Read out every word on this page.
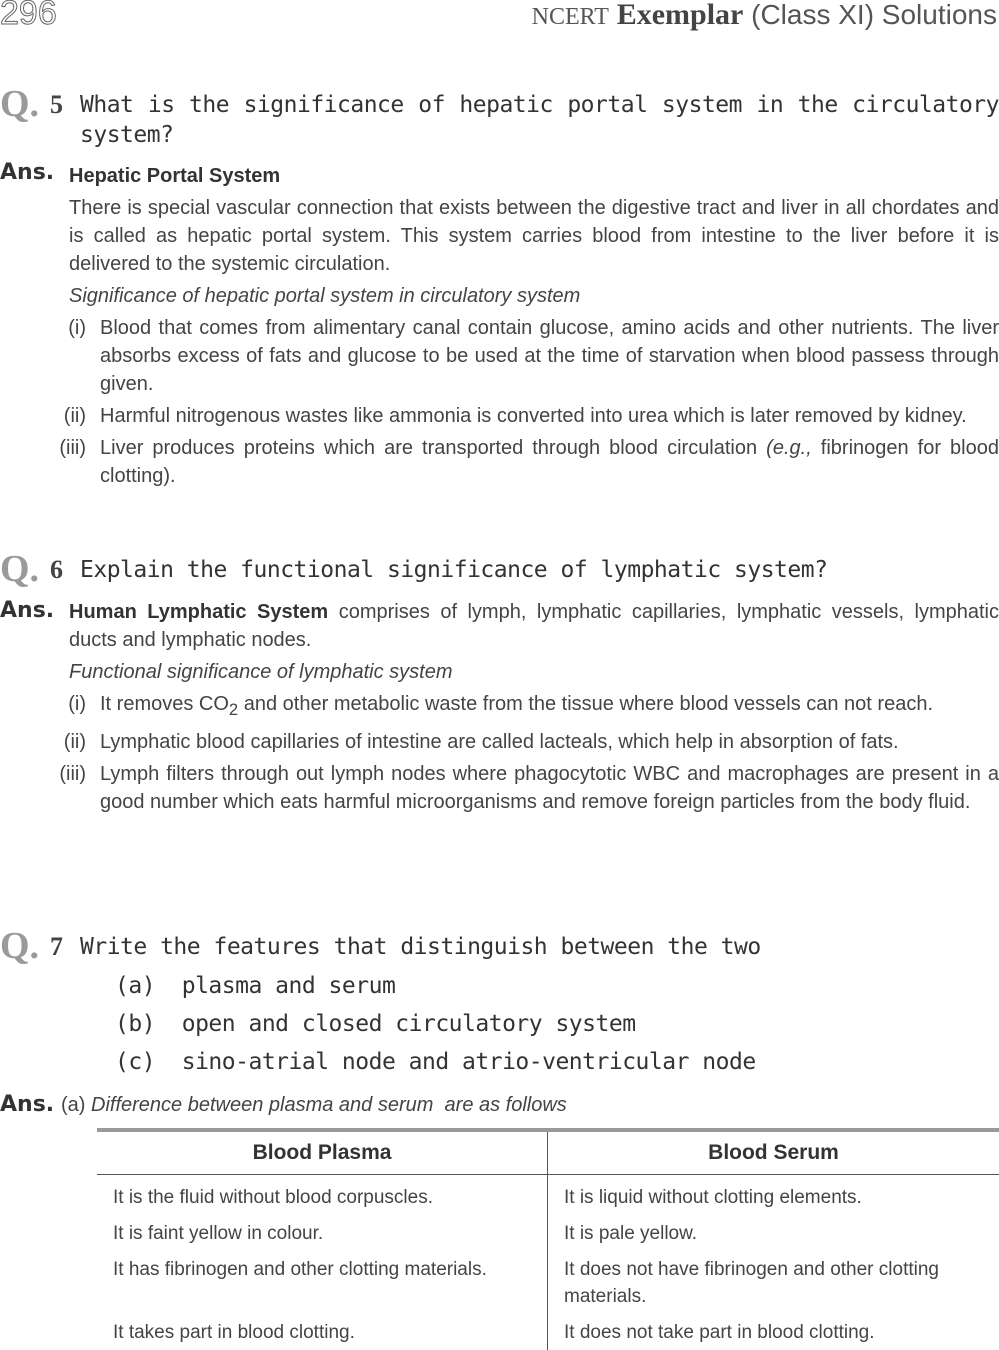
296	NCERT Exemplar (Class XI) Solutions
Q. 5 What is the significance of hepatic portal system in the circulatory system?
Ans. Hepatic Portal System
There is special vascular connection that exists between the digestive tract and liver in all chordates and is called as hepatic portal system. This system carries blood from intestine to the liver before it is delivered to the systemic circulation.
Significance of hepatic portal system in circulatory system
(i) Blood that comes from alimentary canal contain glucose, amino acids and other nutrients. The liver absorbs excess of fats and glucose to be used at the time of starvation when blood passess through given.
(ii) Harmful nitrogenous wastes like ammonia is converted into urea which is later removed by kidney.
(iii) Liver produces proteins which are transported through blood circulation (e.g., fibrinogen for blood clotting).
Q. 6 Explain the functional significance of lymphatic system?
Ans. Human Lymphatic System comprises of lymph, lymphatic capillaries, lymphatic vessels, lymphatic ducts and lymphatic nodes.
Functional significance of lymphatic system
(i) It removes $CO_2$ and other metabolic waste from the tissue where blood vessels can not reach.
(ii) Lymphatic blood capillaries of intestine are called lacteals, which help in absorption of fats.
(iii) Lymph filters through out lymph nodes where phagocytotic WBC and macrophages are present in a good number which eats harmful microorganisms and remove foreign particles from the body fluid.
Q. 7 Write the features that distinguish between the two
(a)  plasma and serum
(b)  open and closed circulatory system
(c)  sino-atrial node and atrio-ventricular node
Ans. (a) Difference between plasma and serum  are as follows
Blood Plasma	Blood Serum
It is the fluid without blood corpuscles.	It is liquid without clotting elements.
It is faint yellow in colour.	It is pale yellow.
It has fibrinogen and other clotting materials.	It does not have fibrinogen and other clotting materials.
It takes part in blood clotting.	It does not take part in blood clotting.
